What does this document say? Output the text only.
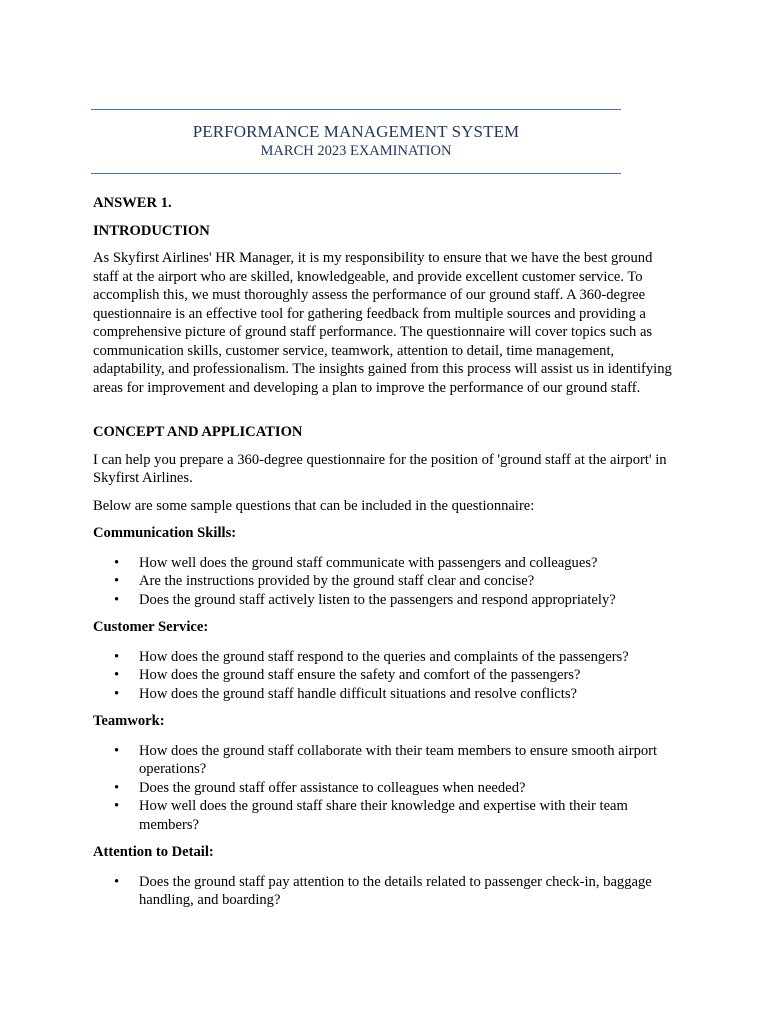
PERFORMANCE MANAGEMENT SYSTEM
MARCH 2023 EXAMINATION

ANSWER 1.

INTRODUCTION

As Skyfirst Airlines' HR Manager, it is my responsibility to ensure that we have the best ground staff at the airport who are skilled, knowledgeable, and provide excellent customer service. To accomplish this, we must thoroughly assess the performance of our ground staff. A 360-degree questionnaire is an effective tool for gathering feedback from multiple sources and providing a comprehensive picture of ground staff performance. The questionnaire will cover topics such as communication skills, customer service, teamwork, attention to detail, time management, adaptability, and professionalism. The insights gained from this process will assist us in identifying areas for improvement and developing a plan to improve the performance of our ground staff.

CONCEPT AND APPLICATION

I can help you prepare a 360-degree questionnaire for the position of 'ground staff at the airport' in Skyfirst Airlines.

Below are some sample questions that can be included in the questionnaire:

Communication Skills:

• How well does the ground staff communicate with passengers and colleagues?
• Are the instructions provided by the ground staff clear and concise?
• Does the ground staff actively listen to the passengers and respond appropriately?

Customer Service:

• How does the ground staff respond to the queries and complaints of the passengers?
• How does the ground staff ensure the safety and comfort of the passengers?
• How does the ground staff handle difficult situations and resolve conflicts?

Teamwork:

• How does the ground staff collaborate with their team members to ensure smooth airport operations?
• Does the ground staff offer assistance to colleagues when needed?
• How well does the ground staff share their knowledge and expertise with their team members?

Attention to Detail:

• Does the ground staff pay attention to the details related to passenger check-in, baggage handling, and boarding?
